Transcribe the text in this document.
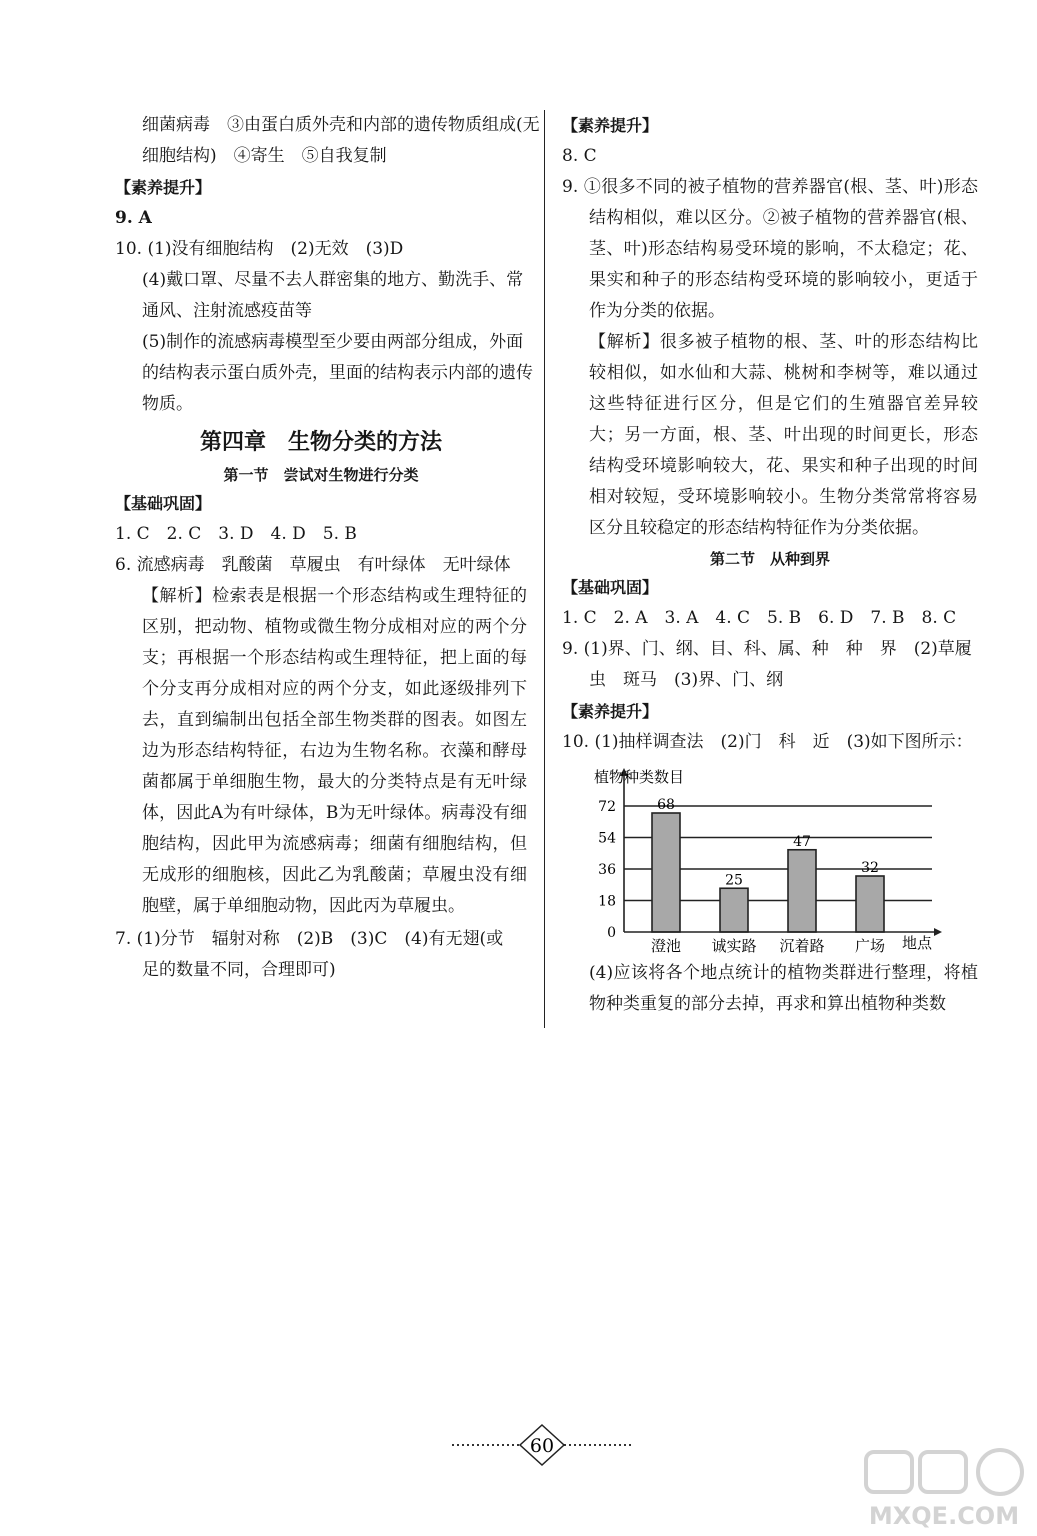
细菌病毒　③由蛋白质外壳和内部的遗传物质组成(无
细胞结构)　④寄生　⑤自我复制
【素养提升】
9. A
10. (1)没有细胞结构　(2)无效　(3)D
(4)戴口罩、尽量不去人群密集的地方、勤洗手、常
通风、注射流感疫苗等
(5)制作的流感病毒模型至少要由两部分组成，外面
的结构表示蛋白质外壳，里面的结构表示内部的遗传
物质。
第四章　生物分类的方法
第一节　尝试对生物进行分类
【基础巩固】
1. C　2. C　3. D　4. D　5. B
6. 流感病毒　乳酸菌　草履虫　有叶绿体　无叶绿体
【解析】检索表是根据一个形态结构或生理特征的区别，把动物、植物或微生物分成相对应的两个分支；再根据一个形态结构或生理特征，把上面的每个分支再分成相对应的两个分支，如此逐级排列下去，直到编制出包括全部生物类群的图表。如图左边为形态结构特征，右边为生物名称。衣藻和酵母菌都属于单细胞生物，最大的分类特点是有无叶绿体，因此A为有叶绿体，B为无叶绿体。病毒没有细胞结构，因此甲为流感病毒；细菌有细胞结构，但无成形的细胞核，因此乙为乳酸菌；草履虫没有细胞壁，属于单细胞动物，因此丙为草履虫。
7. (1)分节　辐射对称　(2)B　(3)C　(4)有无翅(或
足的数量不同，合理即可)
【素养提升】
8. C
9. ①很多不同的被子植物的营养器官(根、茎、叶)形态结构相似，难以区分。②被子植物的营养器官(根、茎、叶)形态结构易受环境的影响，不太稳定；花、果实和种子的形态结构受环境的影响较小，更适于作为分类的依据。
【解析】很多被子植物的根、茎、叶的形态结构比较相似，如水仙和大蒜、桃树和李树等，难以通过这些特征进行区分，但是它们的生殖器官差异较大；另一方面，根、茎、叶出现的时间更长，形态结构受环境影响较大，花、果实和种子出现的时间相对较短，受环境影响较小。生物分类常常将容易区分且较稳定的形态结构特征作为分类依据。
第二节　从种到界
【基础巩固】
1. C　2. A　3. A　4. C　5. B　6. D　7. B　8. C
9. (1)界、门、纲、目、科、属、种　种　界　(2)草履
虫　斑马　(3)界、门、纲
【素养提升】
10. (1)抽样调查法　(2)门　科　近　(3)如下图所示：
0
18
36
54
72	68
澄池
25
诚实路
47
沉着路
32
广场
植物种类数目
地点
(4)应该将各个地点统计的植物类群进行整理，将植物种类重复的部分去掉，再求和算出植物种类数
60
MXQE.COM
